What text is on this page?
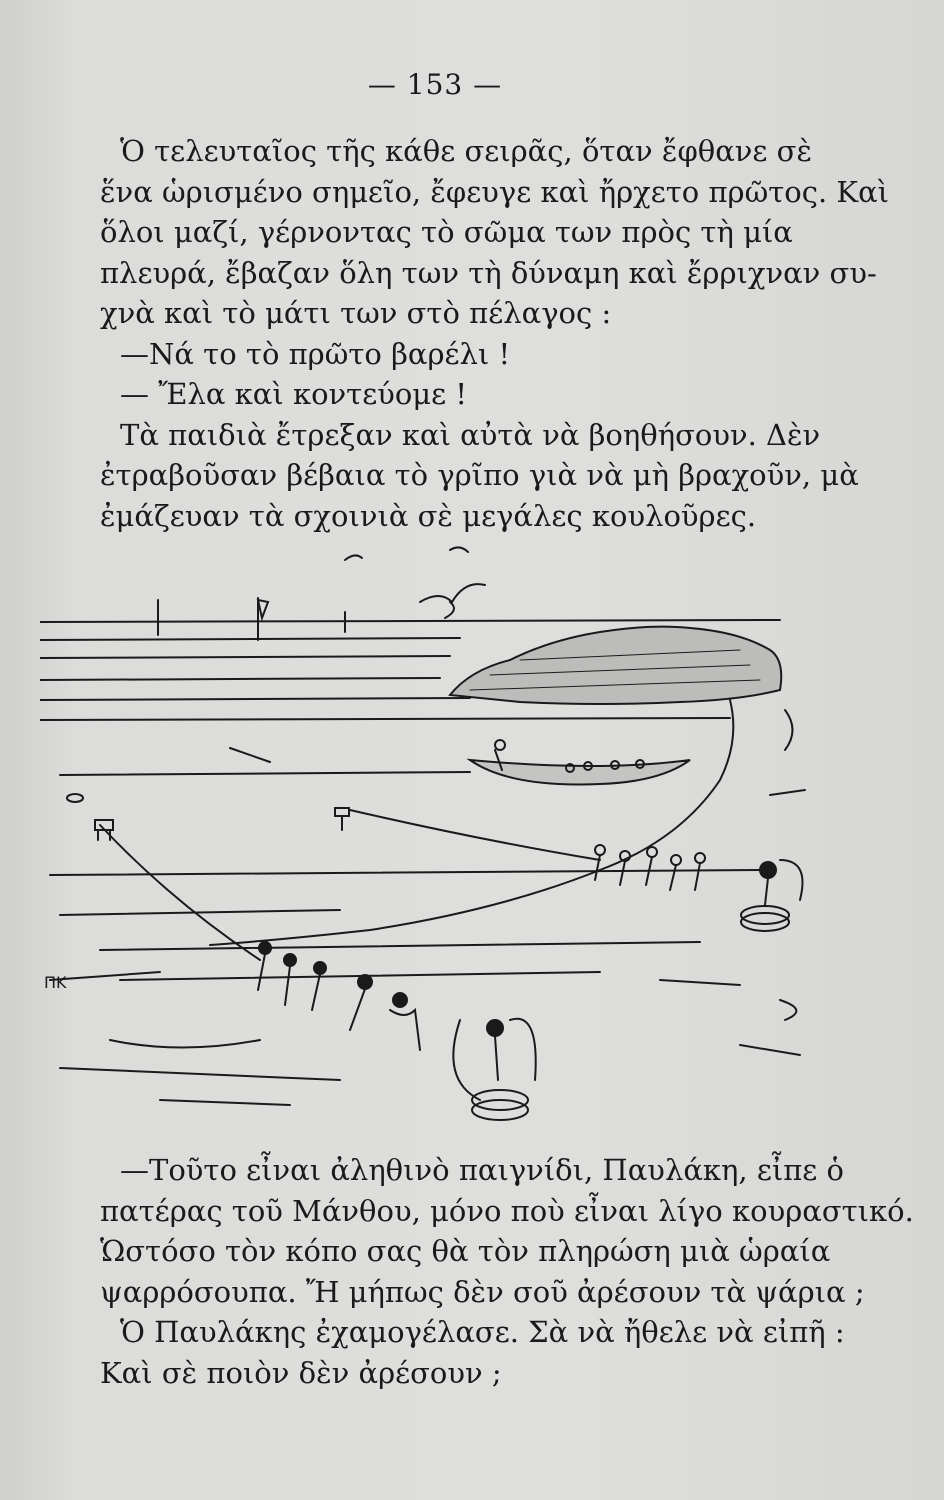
— 153 —

Ὁ τελευταῖος τῆς κάθε σειρᾶς, ὅταν ἔφθανε σὲ
ἕνα ὡρισμένο σημεῖο, ἔφευγε καὶ ἤρχετο πρῶτος. Καὶ
ὅλοι μαζί, γέρνοντας τὸ σῶμα των πρὸς τὴ μία
πλευρά, ἔβαζαν ὅλη των τὴ δύναμη καὶ ἔρριχναν συ-
χνὰ καὶ τὸ μάτι των στὸ πέλαγος :
—Νά το τὸ πρῶτο βαρέλι !
— Ἔλα καὶ κοντεύομε !
Τὰ παιδιὰ ἔτρεξαν καὶ αὐτὰ νὰ βοηθήσουν. Δὲν
ἐτραβοῦσαν βέβαια τὸ γρῖπο γιὰ νὰ μὴ βραχοῦν, μὰ
ἐμάζευαν τὰ σχοινιὰ σὲ μεγάλες κουλοῦρες.

ΠΚ

—Τοῦτο εἶναι ἀληθινὸ παιγνίδι, Παυλάκη, εἶπε ὁ
πατέρας τοῦ Μάνθου, μόνο ποὺ εἶναι λίγο κουραστικό.
Ὡστόσο τὸν κόπο σας θὰ τὸν πληρώση μιὰ ὡραία
ψαρρόσουπα. Ἤ μήπως δὲν σοῦ ἀρέσουν τὰ ψάρια ;
Ὁ Παυλάκης ἐχαμογέλασε. Σὰ νὰ ἤθελε νὰ εἰπῆ :
Καὶ σὲ ποιὸν δὲν ἀρέσουν ;
